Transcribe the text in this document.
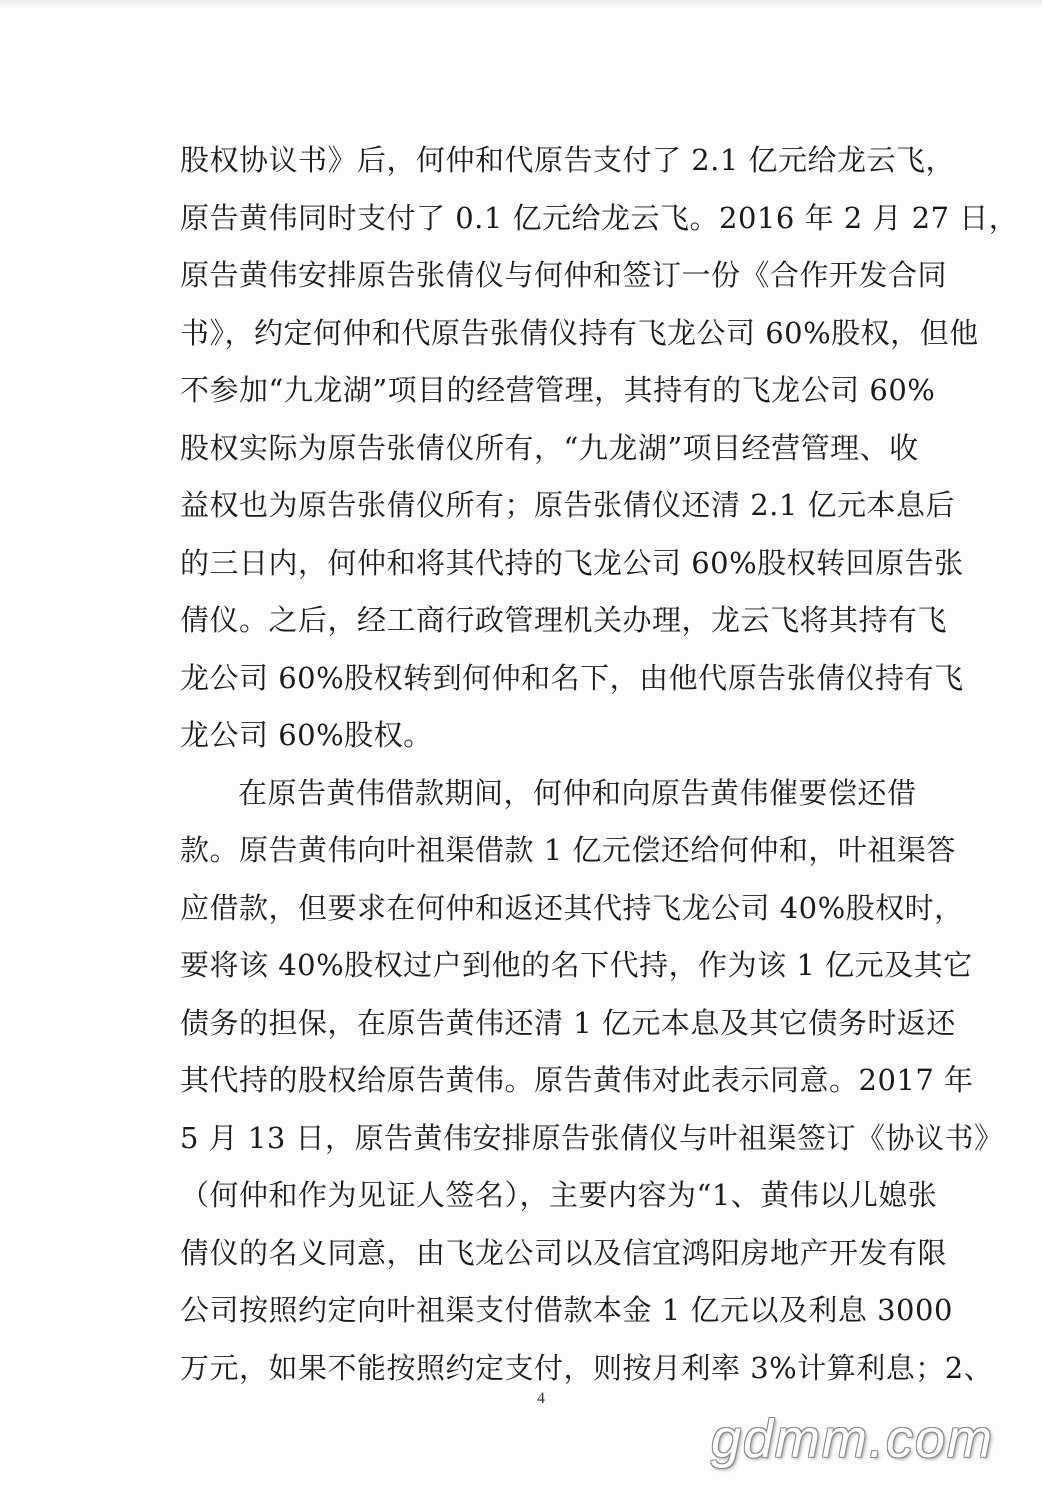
股权协议书》后，何仲和代原告支付了 2.1 亿元给龙云飞，
原告黄伟同时支付了 0.1 亿元给龙云飞。2016 年 2 月 27 日，
原告黄伟安排原告张倩仪与何仲和签订一份《合作开发合同
书》，约定何仲和代原告张倩仪持有飞龙公司 60%股权，但他
不参加“九龙湖”项目的经营管理，其持有的飞龙公司 60%
股权实际为原告张倩仪所有，“九龙湖”项目经营管理、收
益权也为原告张倩仪所有；原告张倩仪还清 2.1 亿元本息后
的三日内，何仲和将其代持的飞龙公司 60%股权转回原告张
倩仪。之后，经工商行政管理机关办理，龙云飞将其持有飞
龙公司 60%股权转到何仲和名下，由他代原告张倩仪持有飞
龙公司 60%股权。
在原告黄伟借款期间，何仲和向原告黄伟催要偿还借
款。原告黄伟向叶祖渠借款 1 亿元偿还给何仲和，叶祖渠答
应借款，但要求在何仲和返还其代持飞龙公司 40%股权时，
要将该 40%股权过户到他的名下代持，作为该 1 亿元及其它
债务的担保，在原告黄伟还清 1 亿元本息及其它债务时返还
其代持的股权给原告黄伟。原告黄伟对此表示同意。2017 年
5 月 13 日，原告黄伟安排原告张倩仪与叶祖渠签订《协议书》
（何仲和作为见证人签名），主要内容为“1、黄伟以儿媳张
倩仪的名义同意，由飞龙公司以及信宜鸿阳房地产开发有限
公司按照约定向叶祖渠支付借款本金 1 亿元以及利息 3000
万元，如果不能按照约定支付，则按月利率 3%计算利息；2、
4
gdmm.com
